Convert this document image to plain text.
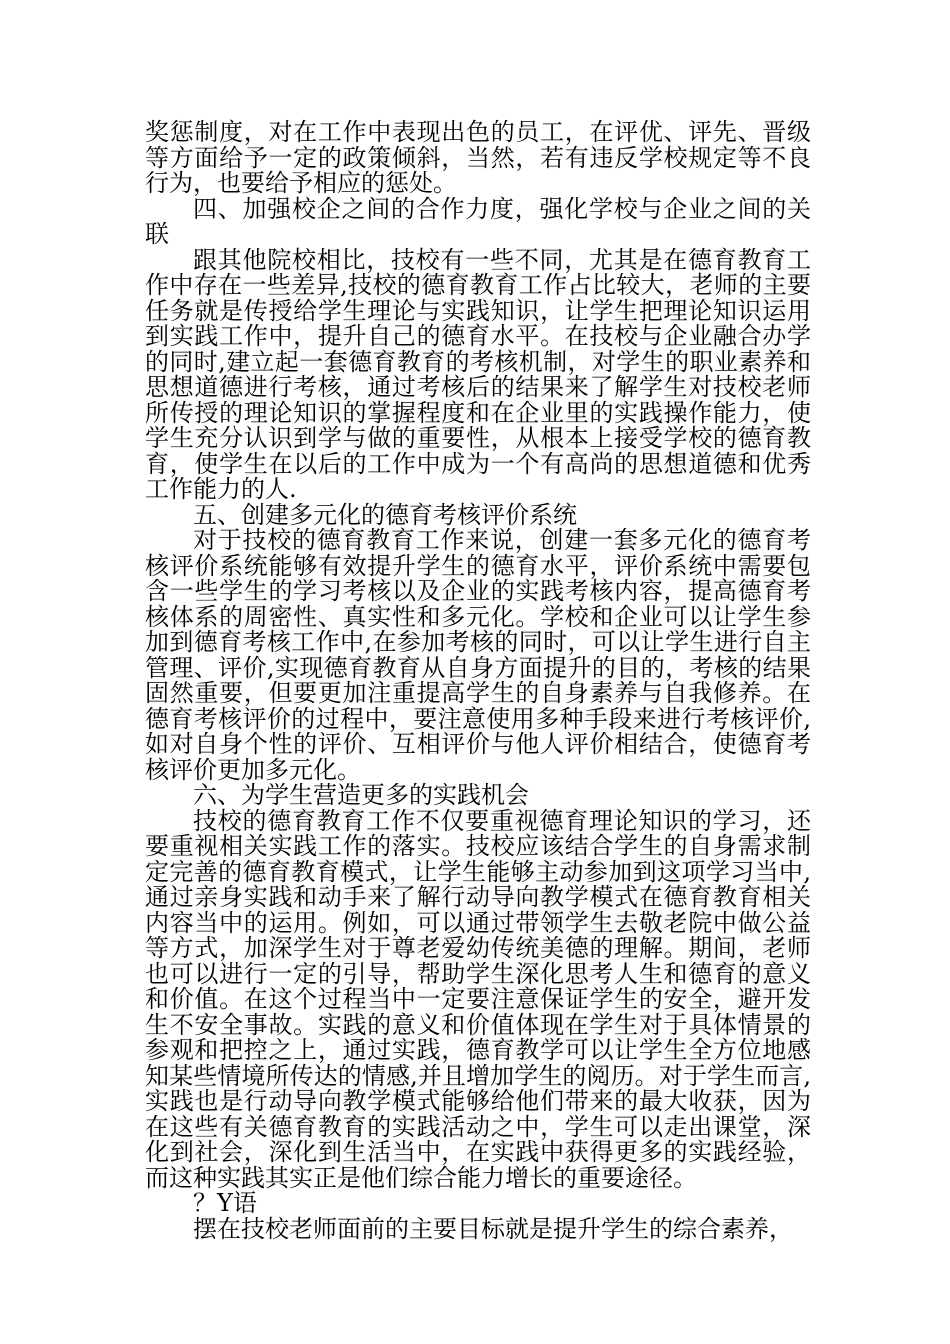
奖惩制度，对在工作中表现出色的员工，在评优、评先、晋级等方面给予一定的政策倾斜，当然，若有违反学校规定等不良行为，也要给予相应的惩处。

四、加强校企之间的合作力度，强化学校与企业之间的关联

跟其他院校相比，技校有一些不同，尤其是在德育教育工作中存在一些差异,技校的德育教育工作占比较大，老师的主要任务就是传授给学生理论与实践知识，让学生把理论知识运用到实践工作中，提升自己的德育水平。在技校与企业融合办学的同时,建立起一套德育教育的考核机制，对学生的职业素养和思想道德进行考核，通过考核后的结果来了解学生对技校老师所传授的理论知识的掌握程度和在企业里的实践操作能力，使学生充分认识到学与做的重要性，从根本上接受学校的德育教育，使学生在以后的工作中成为一个有高尚的思想道德和优秀工作能力的人.

五、创建多元化的德育考核评价系统

对于技校的德育教育工作来说，创建一套多元化的德育考核评价系统能够有效提升学生的德育水平，评价系统中需要包含一些学生的学习考核以及企业的实践考核内容，提高德育考核体系的周密性、真实性和多元化。学校和企业可以让学生参加到德育考核工作中,在参加考核的同时，可以让学生进行自主管理、评价,实现德育教育从自身方面提升的目的，考核的结果固然重要，但要更加注重提高学生的自身素养与自我修养。在德育考核评价的过程中，要注意使用多种手段来进行考核评价,如对自身个性的评价、互相评价与他人评价相结合，使德育考核评价更加多元化。

六、为学生营造更多的实践机会

技校的德育教育工作不仅要重视德育理论知识的学习，还要重视相关实践工作的落实。技校应该结合学生的自身需求制定完善的德育教育模式，让学生能够主动参加到这项学习当中,通过亲身实践和动手来了解行动导向教学模式在德育教育相关内容当中的运用。例如，可以通过带领学生去敬老院中做公益等方式，加深学生对于尊老爱幼传统美德的理解。期间，老师也可以进行一定的引导，帮助学生深化思考人生和德育的意义和价值。在这个过程当中一定要注意保证学生的安全，避开发生不安全事故。实践的意义和价值体现在学生对于具体情景的参观和把控之上，通过实践，德育教学可以让学生全方位地感知某些情境所传达的情感,并且增加学生的阅历。对于学生而言,实践也是行动导向教学模式能够给他们带来的最大收获，因为在这些有关德育教育的实践活动之中，学生可以走出课堂，深化到社会，深化到生活当中，在实践中获得更多的实践经验，而这种实践其实正是他们综合能力增长的重要途径。

？Y语

摆在技校老师面前的主要目标就是提升学生的综合素养，
